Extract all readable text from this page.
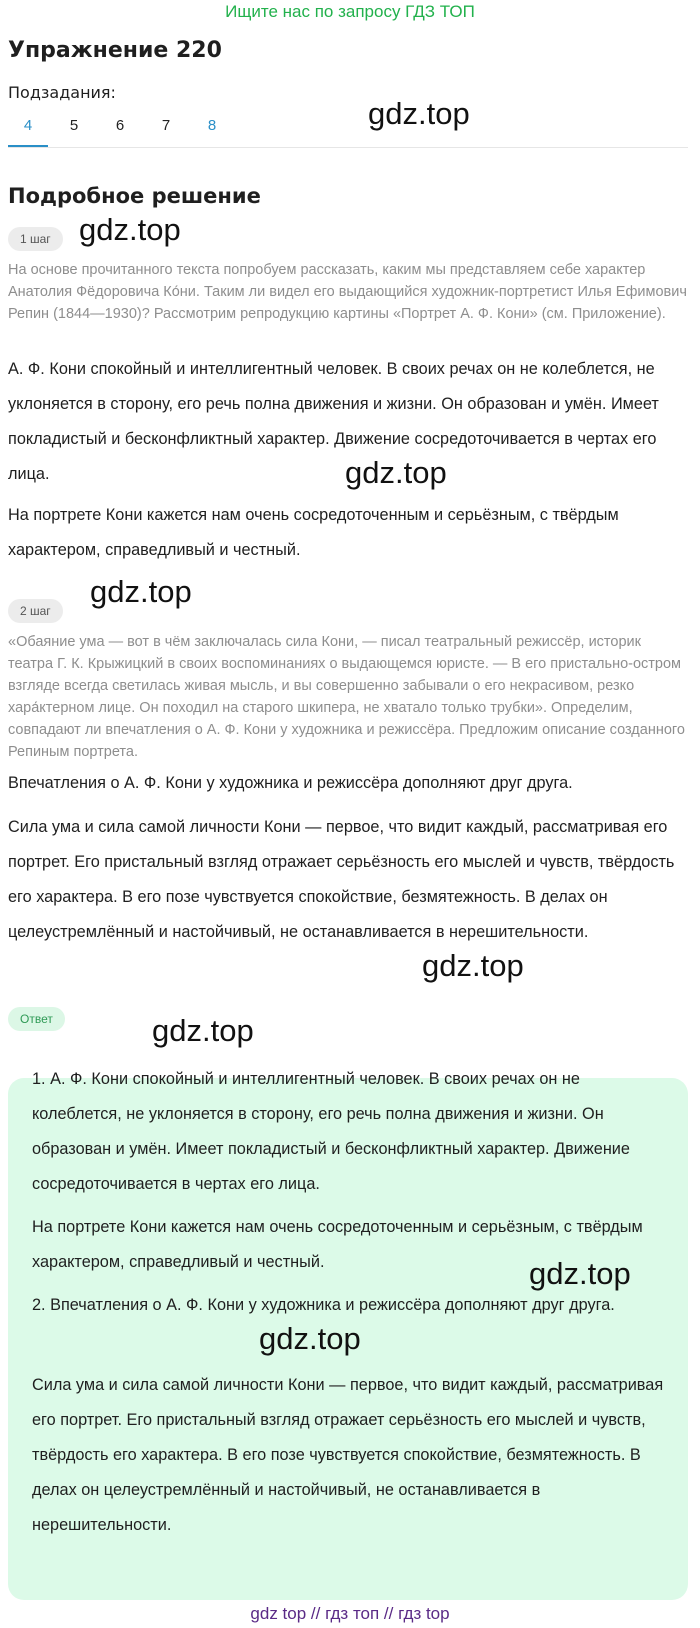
Ищите нас по запросу ГДЗ ТОП
Упражнение 220
Подзадания:
4	5	6	7	8
Подробное решение
1 шаг

На основе прочитанного текста попробуем рассказать, каким мы представляем себе характер Анатолия Фёдоровича Ко́ни. Таким ли видел его выдающийся художник-портретист Илья Ефимович Репин (1844—1930)? Рассмотрим репродукцию картины «Портрет А. Ф. Кони» (см. Приложение).

А. Ф. Кони спокойный и интеллигентный человек. В своих речах он не колеблется, не уклоняется в сторону, его речь полна движения и жизни. Он образован и умён. Имеет покладистый и бесконфликтный характер. Движение сосредоточивается в чертах его лица.

На портрете Кони кажется нам очень сосредоточенным и серьёзным, с твёрдым характером, справедливый и честный.

2 шаг

«Обаяние ума — вот в чём заключалась сила Кони, — писал театральный режиссёр, историк театра Г. К. Крыжицкий в своих воспоминаниях о выдающемся юристе. — В его пристально-остром взгляде всегда светилась живая мысль, и вы совершенно забывали о его некрасивом, резко хара́ктерном лице. Он походил на старого шкипера, не хватало только трубки». Определим, совпадают ли впечатления о А. Ф. Кони у художника и режиссёра. Предложим описание созданного Репиным портрета.

Впечатления о А. Ф. Кони у художника и режиссёра дополняют друг друга.

Сила ума и сила самой личности Кони — первое, что видит каждый, рассматривая его портрет. Его пристальный взгляд отражает серьёзность его мыслей и чувств, твёрдость его характера. В его позе чувствуется спокойствие, безмятежность. В делах он целеустремлённый и настойчивый, не останавливается в нерешительности.

Ответ

1. А. Ф. Кони спокойный и интеллигентный человек. В своих речах он не колеблется, не уклоняется в сторону, его речь полна движения и жизни. Он образован и умён. Имеет покладистый и бесконфликтный характер. Движение сосредоточивается в чертах его лица.

На портрете Кони кажется нам очень сосредоточенным и серьёзным, с твёрдым характером, справедливый и честный.

2. Впечатления о А. Ф. Кони у художника и режиссёра дополняют друг друга.

Сила ума и сила самой личности Кони — первое, что видит каждый, рассматривая его портрет. Его пристальный взгляд отражает серьёзность его мыслей и чувств, твёрдость его характера. В его позе чувствуется спокойствие, безмятежность. В делах он целеустремлённый и настойчивый, не останавливается в нерешительности.

gdz.top
gdz.top
gdz.top
gdz.top
gdz.top
gdz.top
gdz.top
gdz.top
gdz top // гдз топ // гдз top
